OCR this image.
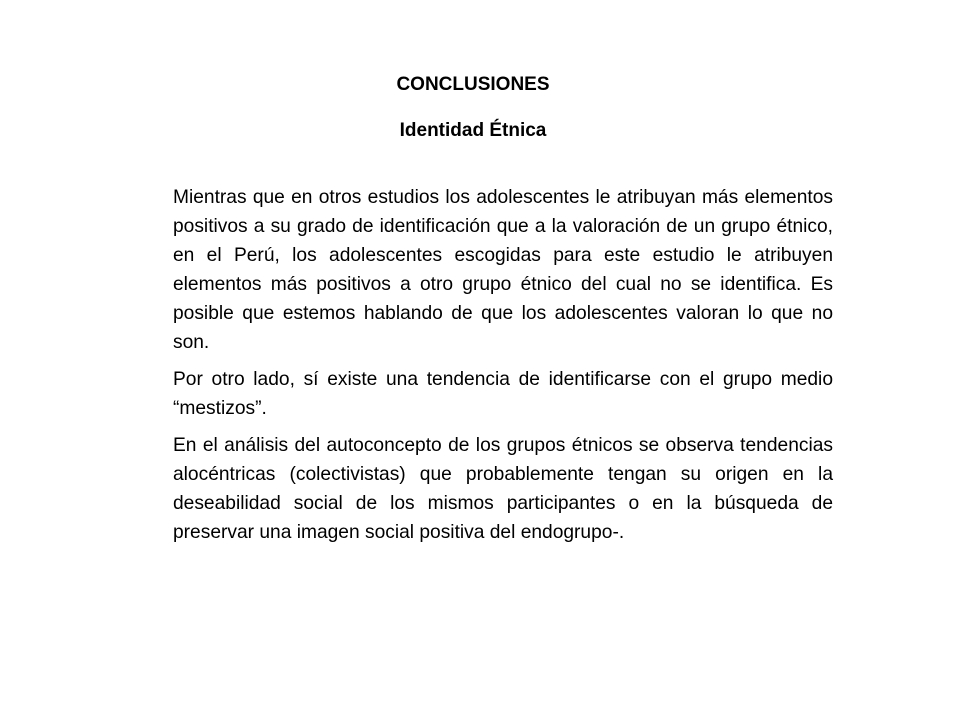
CONCLUSIONES
Identidad Étnica

Mientras que en otros estudios los adolescentes le atribuyan más elementos positivos a su grado de identificación que a la valoración de un grupo étnico, en el Perú, los adolescentes escogidas para este estudio le atribuyen elementos más positivos a otro grupo étnico del cual no se identifica. Es posible que estemos hablando de que los adolescentes valoran lo que no son.

Por otro lado, sí existe una tendencia de identificarse con el grupo medio “mestizos”.

En el análisis del autoconcepto de los grupos étnicos se observa tendencias alocéntricas (colectivistas) que probablemente tengan su origen en la deseabilidad social de los mismos participantes o en la búsqueda de preservar una imagen social positiva del endogrupo-.
